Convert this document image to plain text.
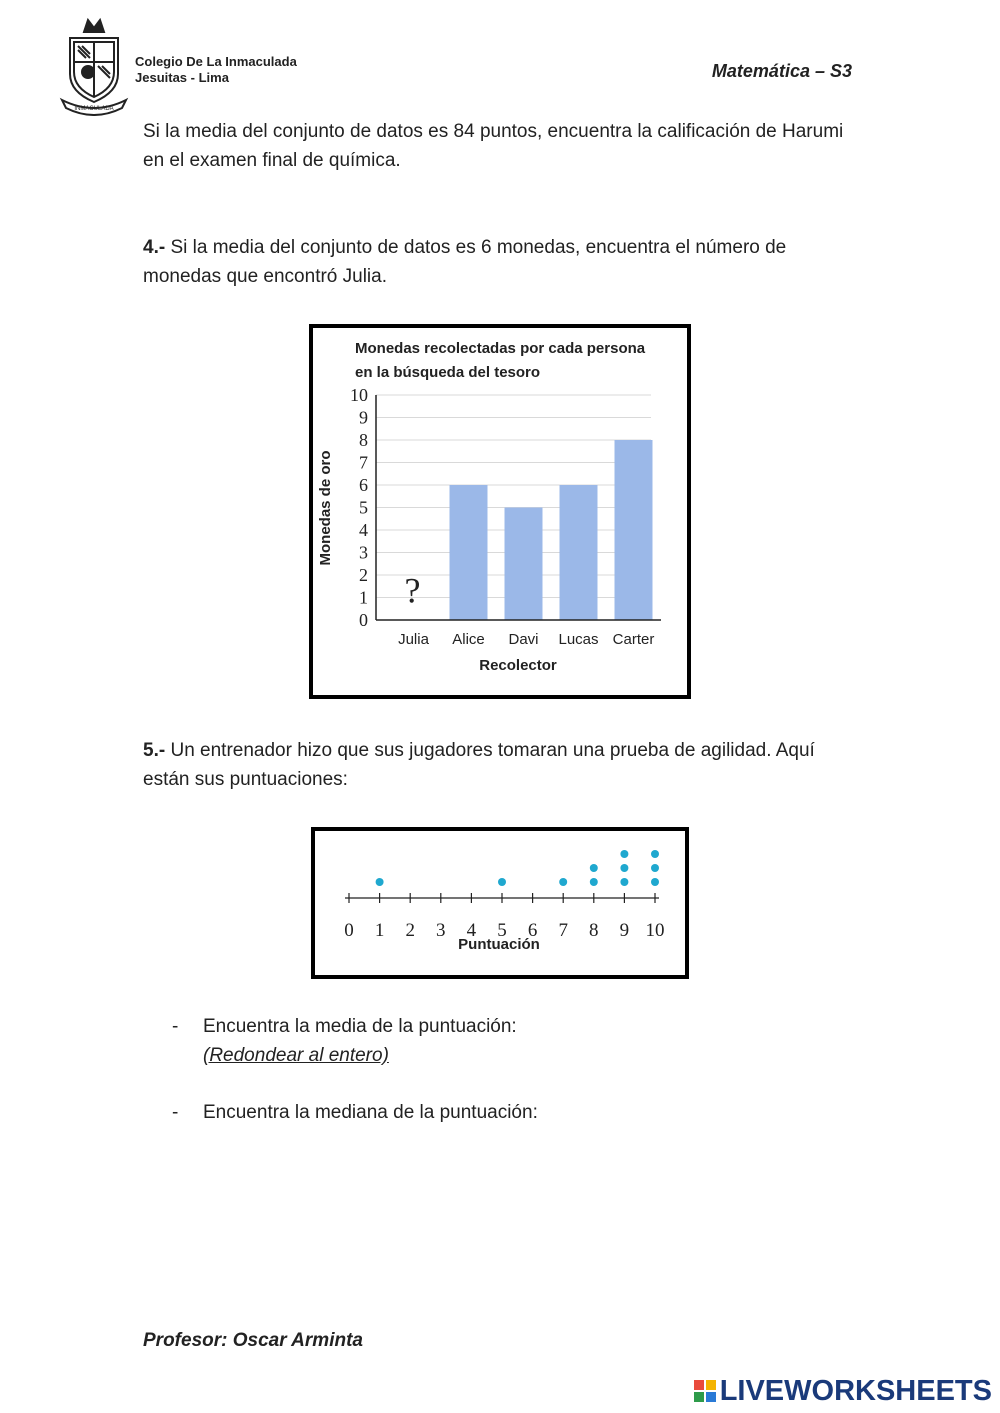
INMACULADA
Colegio De La Inmaculada
Jesuitas - Lima	Matemática – S3
Si la media del conjunto de datos es 84 puntos, encuentra la calificación de Harumi en el examen final de química.
4.- Si la media del conjunto de datos es 6 monedas, encuentra el número de monedas que encontró Julia.
Monedas recolectadas por cada persona
en la búsqueda del tesoro
Monedas de oro
Recolector
?
0
1
2
3
4
5
6
7
8
9
10
Julia Alice Davi Lucas Carter
5.- Un entrenador hizo que sus jugadores tomaran una prueba de agilidad. Aquí están sus puntuaciones:
0 1 2 3 4 5 6 7 8 9 10
Puntuación
- Encuentra la media de la puntuación:
(Redondear al entero)
- Encuentra la mediana de la puntuación:
Profesor: Oscar Arminta
LIVEWORKSHEETS
